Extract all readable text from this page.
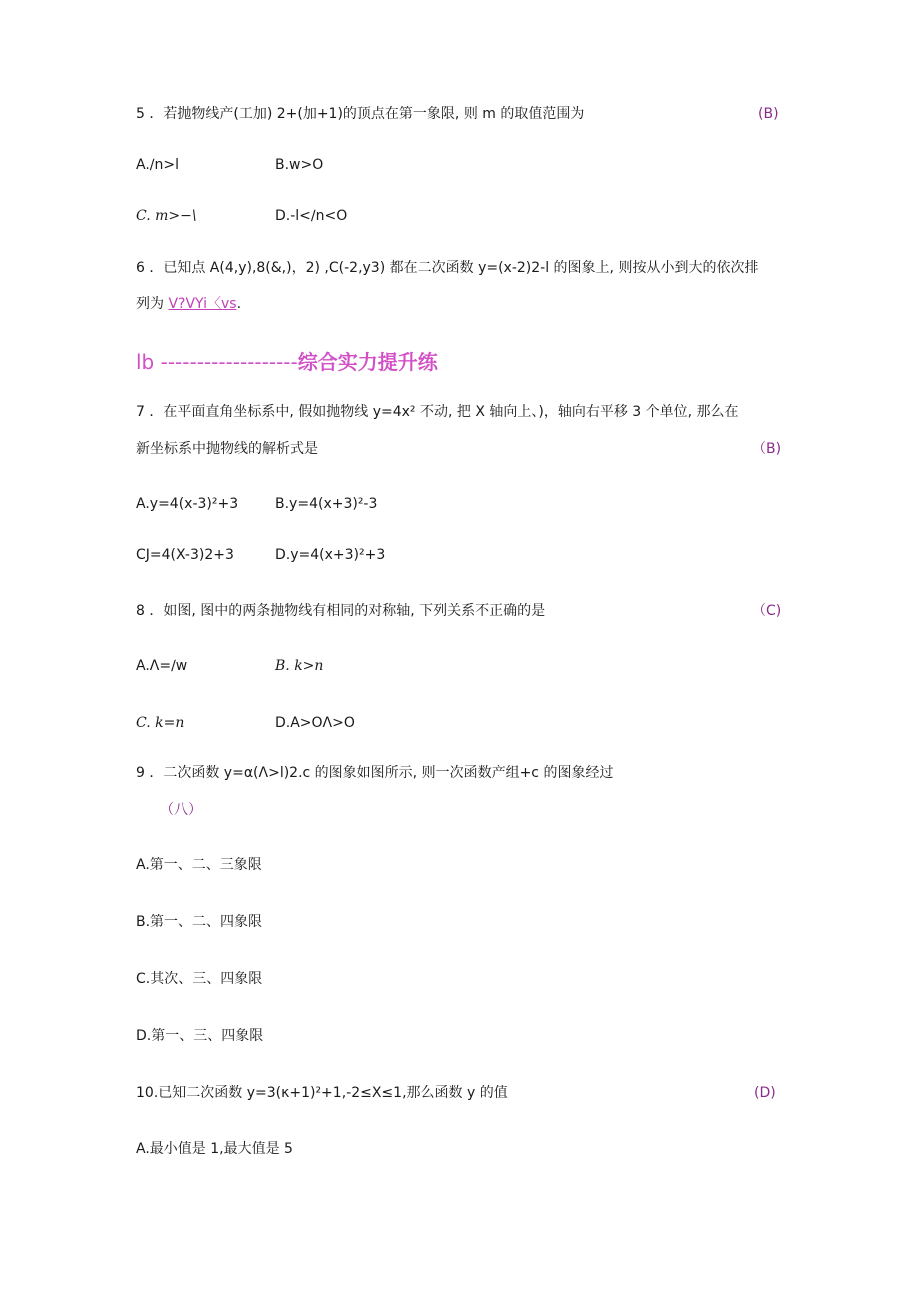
5 ．若抛物线产(工加) 2+(加+1)的顶点在第一象限, 则 m 的取值范围为	(B)
A.∕n>l	B.w>O
C. m>−\	D.-l<∕n<O
6 ．已知点 A(4,y),8(&,)，2) ,C(-2,y3) 都在二次函数 y=(x-2)2-l 的图象上, 则按从小到大的依次排
列为 V?VYi〈vs.
lb -------------------综合实力提升练
7 ．在平面直角坐标系中, 假如抛物线 y=4x² 不动, 把 X 轴向上、)，轴向右平移 3 个单位, 那么在
新坐标系中抛物线的解析式是	（B)
A.y=4(x-3)²+3	B.y=4(x+3)²-3
CJ=4(X-3)2+3	D.y=4(x+3)²+3
8 ．如图, 图中的两条抛物线有相同的对称轴, 下列关系不正确的是	（C)
A.Λ=∕w	B. k>n
C. k=n	D.A>OΛ>O
9 ．二次函数 y=α(Λ>l)2.c 的图象如图所示, 则一次函数产组+c 的图象经过
（八）
A.第一、二、三象限
B.第一、二、四象限
C.其次、三、四象限
D.第一、三、四象限
10.已知二次函数 y=3(κ+1)²+1,-2≤X≤1,那么函数 y 的值	(D)
A.最小值是 1,最大值是 5
